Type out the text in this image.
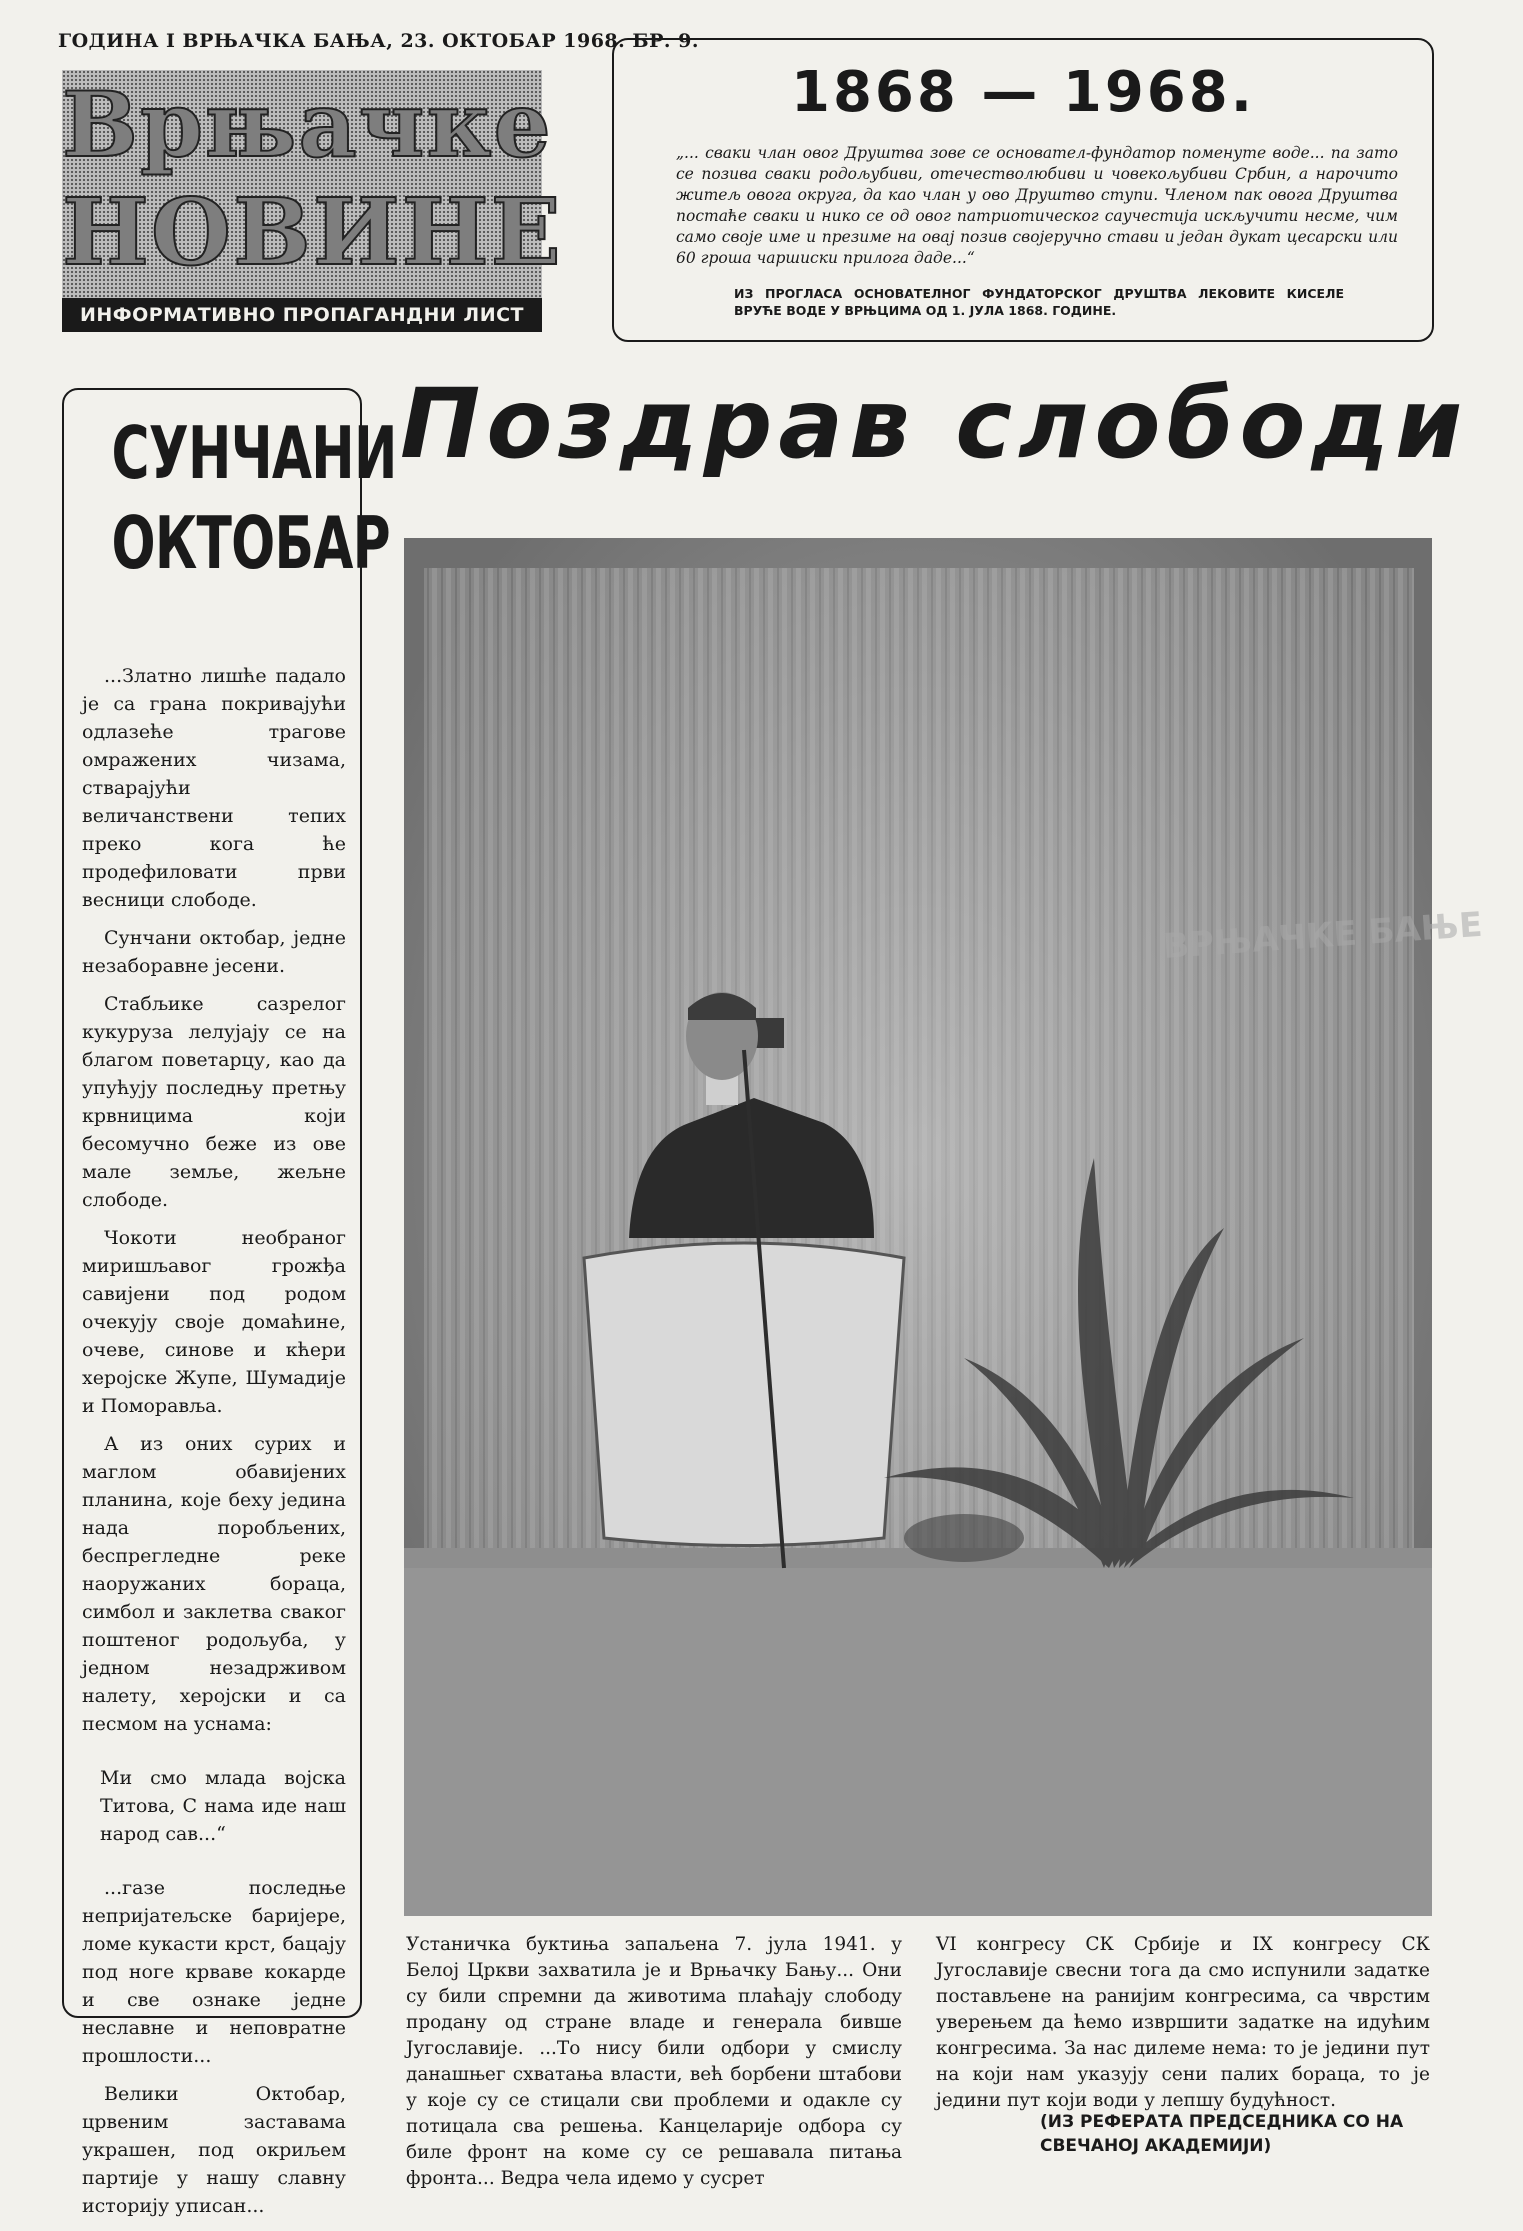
ГОДИНА I ВРЊАЧКА БАЊА, 23. ОКТОБАР 1968. БР. 9.
Врњачке
НОВИНЕ
ИНФОРМАТИВНО ПРОПАГАНДНИ ЛИСТ
1868 — 1968.
„... сваки члан овог Друштва зове се основател-фундатор поменуте воде... па зато се позива сваки родољубиви, отечестволюбиви и човекољубиви Србин, а нарочито житељ овога округа, да као члан у ово Друштво ступи. Членом пак овога Друштва постаће сваки и нико се од овог патриотическог саучестија искључити несме, чим само своје име и презиме на овај позив својеручно стави и један дукат цесарски или 60 гроша чаршиски прилога даде...“
ИЗ ПРОГЛАСА ОСНОВАТЕЛНОГ ФУНДАТОРСКОГ ДРУШТВА ЛЕКОВИТЕ КИСЕЛЕ ВРУЋЕ ВОДЕ У ВРЊЦИМА ОД 1. ЈУЛА 1868. ГОДИНЕ.
СУНЧАНИ
ОКТОБАР

...Златно лишће падало је са грана покривајући одлазеће трагове омражених чизама, стварајући величанствени тепих преко кога ће продефиловати први весници слободе.

Сунчани октобар, једне незаборавне јесени.

Стабљике сазрелог кукуруза лелујају се на благом поветарцу, као да упућују последњу претњу крвницима који бесомучно беже из ове мале земље, жељне слободе.

Чокоти необраног миришљавог грожђа савијени под родом очекују своје домаћине, очеве, синове и кћери херојске Жупе, Шумадије и Поморавља.

А из оних сурих и маглом обавијених планина, које беху једина нада поробљених, беспрегледне реке наоружаних бораца, симбол и заклетва сваког поштеног родољуба, у једном незадрживом налету, херојски и са песмом на уснама:

Ми смо млада војска Титова, С нама иде наш народ сав...“

...газе последње непријатељске баријере, ломе кукасти крст, бацају под ноге крваве кокарде и све ознаке једне неславне и неповратне прошлости...

Велики Октобар, црвеним заставама украшен, под окриљем партије у нашу славну историју уписан...

Поздрав слободи
ВРЊАЧКЕ БАЊЕ
Устаничка буктиња запаљена 7. јула 1941. у Белој Цркви захватила је и Врњачку Бању... Они су били спремни да животима плаћају слободу продану од стране владе и генерала бивше Југославије. ...То нису били одбори у смислу данашњег схватања власти, већ борбени штабови у које су се стицали сви проблеми и одакле су потицала сва решења. Канцеларије одбора су биле фронт на коме су се решавала питања фронта... Ведра чела идемо у сусрет
VI конгресу СК Србије и IX конгресу СК Југославије свесни тога да смо испунили задатке постављене на ранијим конгресима, са чврстим уверењем да ћемо извршити задатке на идућим конгресима. За нас дилеме нема: то је једини пут на који нам указују сени палих бораца, то је једини пут који води у лепшу будућност.
(ИЗ РЕФЕРАТА ПРЕДСЕДНИКА СО НА СВЕЧАНОЈ АКАДЕМИЈИ)
